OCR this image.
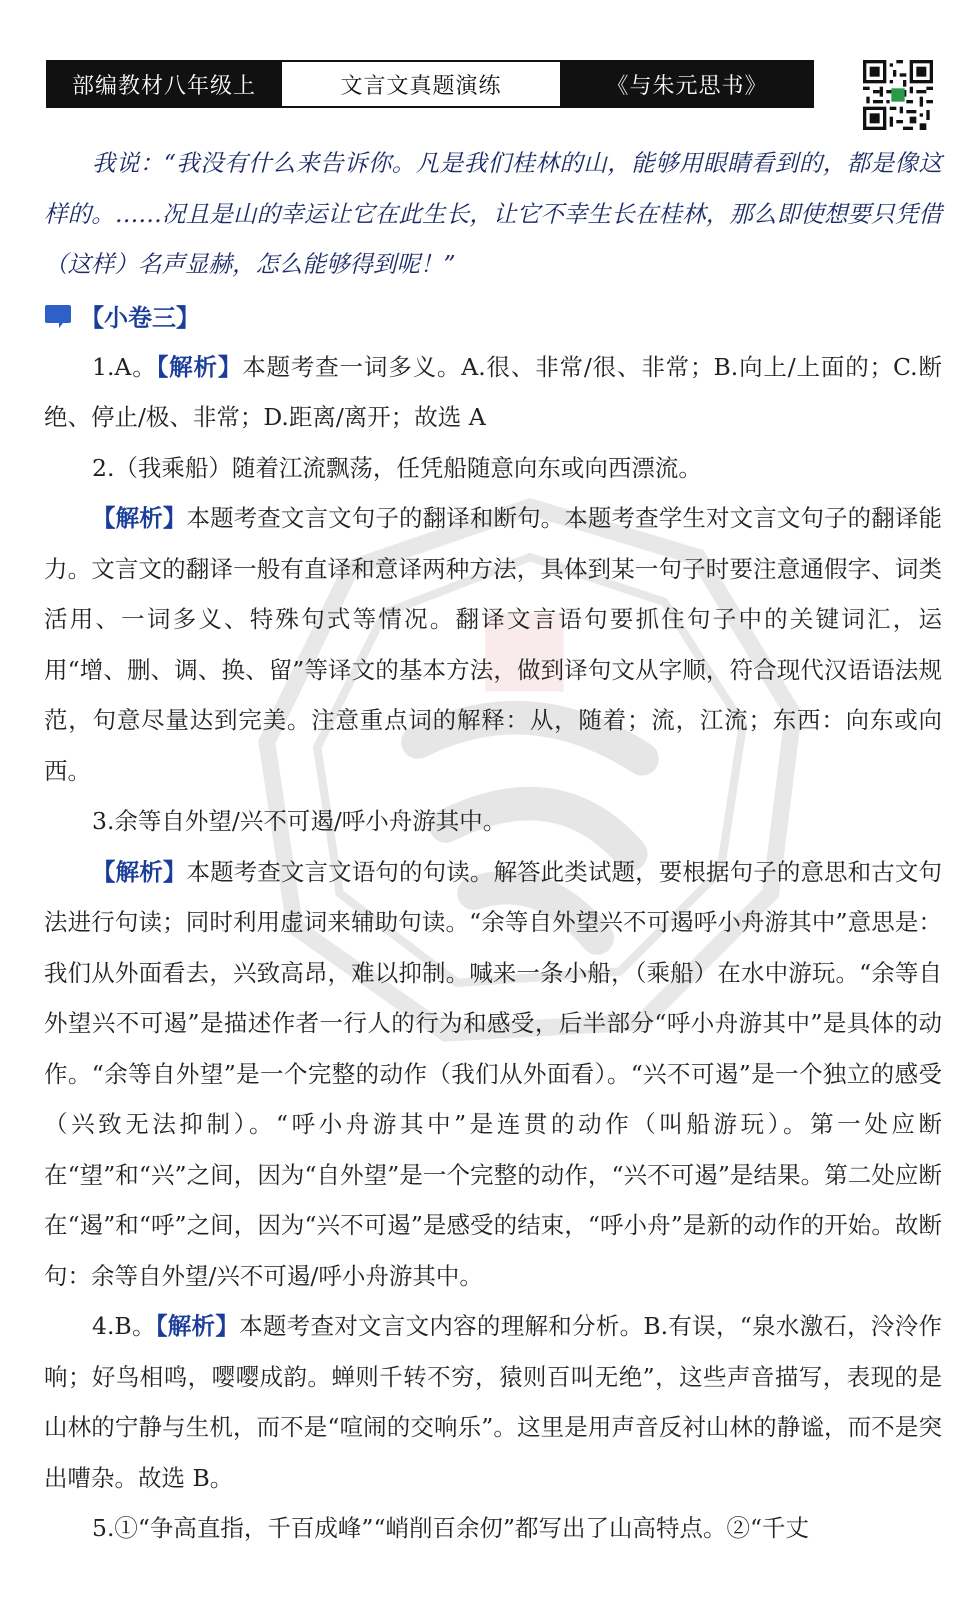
部编教材八年级上	文言文真题演练	《与朱元思书》

我说：“我没有什么来告诉你。凡是我们桂林的山，能够用眼睛看到的，都是像这样的。……况且是山的幸运让它在此生长，让它不幸生长在桂林，那么即使想要只凭借（这样）名声显赫，怎么能够得到呢！”

【小卷三】

1.A。【解析】本题考查一词多义。A.很、非常/很、非常；B.向上/上面的；C.断绝、停止/极、非常；D.距离/离开；故选 A

2.（我乘船）随着江流飘荡，任凭船随意向东或向西漂流。

【解析】本题考查文言文句子的翻译和断句。本题考查学生对文言文句子的翻译能力。文言文的翻译一般有直译和意译两种方法，具体到某一句子时要注意通假字、词类活用、一词多义、特殊句式等情况。翻译文言语句要抓住句子中的关键词汇，运用“增、删、调、换、留”等译文的基本方法，做到译句文从字顺，符合现代汉语语法规范，句意尽量达到完美。注意重点词的解释：从，随着；流，江流；东西：向东或向西。

3.余等自外望/兴不可遏/呼小舟游其中。

【解析】本题考查文言文语句的句读。解答此类试题，要根据句子的意思和古文句法进行句读；同时利用虚词来辅助句读。“余等自外望兴不可遏呼小舟游其中”意思是：我们从外面看去，兴致高昂，难以抑制。喊来一条小船，（乘船）在水中游玩。“余等自外望兴不可遏”是描述作者一行人的行为和感受，后半部分“呼小舟游其中”是具体的动作。“余等自外望”是一个完整的动作（我们从外面看）。“兴不可遏”是一个独立的感受（兴致无法抑制）。“呼小舟游其中”是连贯的动作（叫船游玩）。第一处应断在“望”和“兴”之间，因为“自外望”是一个完整的动作，“兴不可遏”是结果。第二处应断在“遏”和“呼”之间，因为“兴不可遏”是感受的结束，“呼小舟”是新的动作的开始。故断句：余等自外望/兴不可遏/呼小舟游其中。

4.B。【解析】本题考查对文言文内容的理解和分析。B.有误，“泉水激石，泠泠作响；好鸟相鸣，嘤嘤成韵。蝉则千转不穷，猿则百叫无绝”，这些声音描写，表现的是山林的宁静与生机，而不是“喧闹的交响乐”。这里是用声音反衬山林的静谧，而不是突出嘈杂。故选 B。

5.①“争高直指，千百成峰”“峭削百余仞”都写出了山高特点。②“千丈
